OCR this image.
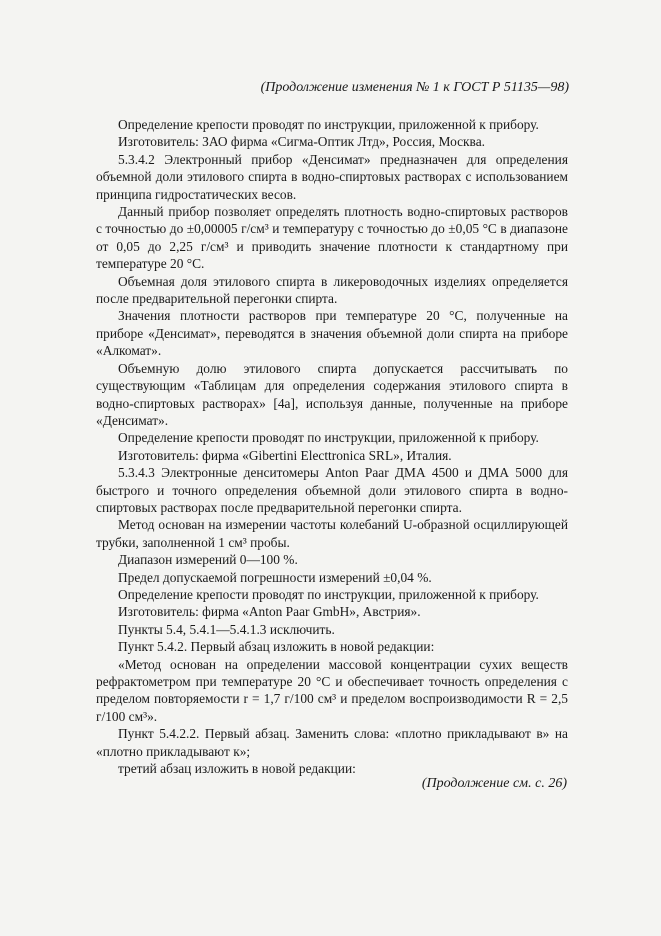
(Продолжение изменения № 1 к ГОСТ Р 51135—98)

Определение крепости проводят по инструкции, приложенной к прибору.

Изготовитель: ЗАО фирма «Сигма-Оптик Лтд», Россия, Москва.

5.3.4.2 Электронный прибор «Денсимат» предназначен для определения объемной доли этилового спирта в водно-спиртовых растворах с использованием принципа гидростатических весов.

Данный прибор позволяет определять плотность водно-спиртовых растворов с точностью до ±0,00005 г/см³ и температуру с точностью до ±0,05 °С в диапазоне от 0,05 до 2,25 г/см³ и приводить значение плотности к стандартному при температуре 20 °С.

Объемная доля этилового спирта в ликероводочных изделиях определяется после предварительной перегонки спирта.

Значения плотности растворов при температуре 20 °С, полученные на приборе «Денсимат», переводятся в значения объемной доли спирта на приборе «Алкомат».

Объемную долю этилового спирта допускается рассчитывать по существующим «Таблицам для определения содержания этилового спирта в водно-спиртовых растворах» [4а], используя данные, полученные на приборе «Денсимат».

Определение крепости проводят по инструкции, приложенной к прибору.

Изготовитель: фирма «Gibertini Electtronica SRL», Италия.

5.3.4.3 Электронные денситомеры Anton Paar ДМА 4500 и ДМА 5000 для быстрого и точного определения объемной доли этилового спирта в водно-спиртовых растворах после предварительной перегонки спирта.

Метод основан на измерении частоты колебаний U-образной осциллирующей трубки, заполненной 1 см³ пробы.

Диапазон измерений 0—100 %.

Предел допускаемой погрешности измерений ±0,04 %.

Определение крепости проводят по инструкции, приложенной к прибору.

Изготовитель: фирма «Anton Paar GmbH», Австрия».

Пункты 5.4, 5.4.1—5.4.1.3 исключить.

Пункт 5.4.2. Первый абзац изложить в новой редакции:

«Метод основан на определении массовой концентрации сухих веществ рефрактометром при температуре 20 °С и обеспечивает точность определения с пределом повторяемости r = 1,7 г/100 см³ и пределом воспроизводимости R = 2,5 г/100 см³».

Пункт 5.4.2.2. Первый абзац. Заменить слова: «плотно прикладывают в» на «плотно прикладывают к»;

третий абзац изложить в новой редакции:

(Продолжение см. с. 26)
